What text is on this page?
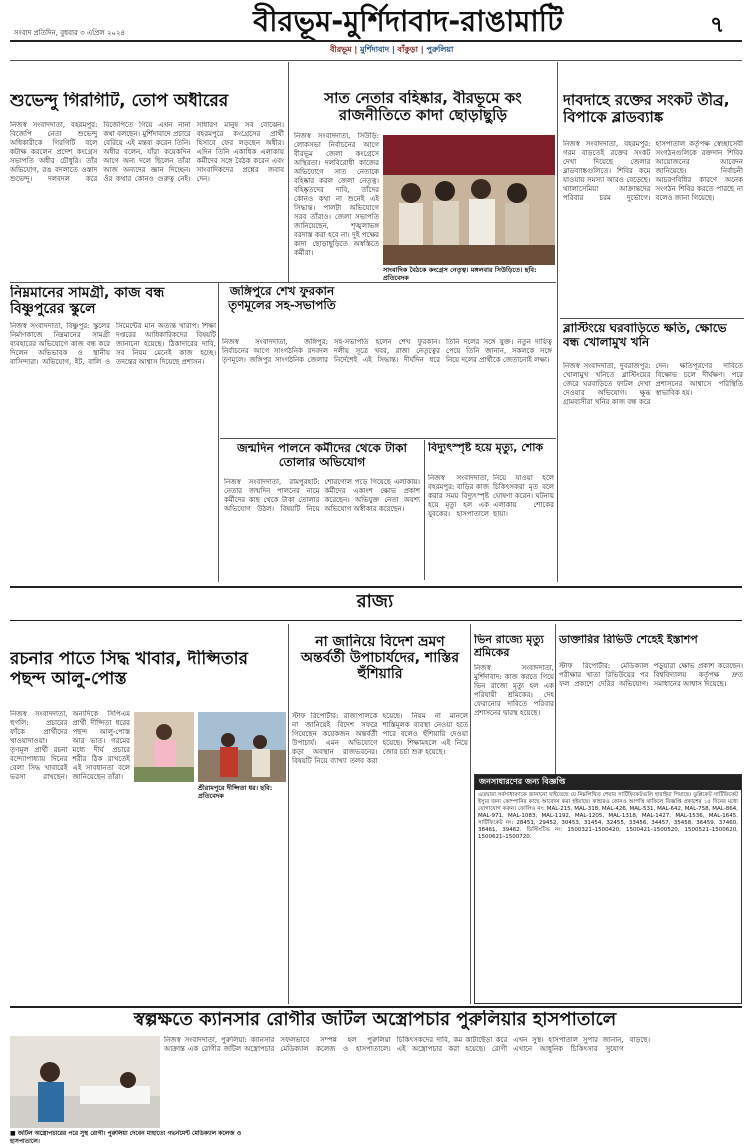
সংবাদ প্রতিদিন, বুধবার ৩ এপ্রিল ২০২৪	বীরভূম-মুর্শিদাবাদ-রাঙামাটি	৭
বীরভূম | মুর্শিদাবাদ | বাঁকুড়া | পুরুলিয়া
শুভেন্দু গিরগিটি, তোপ অধীরের
নিজস্ব সংবাদদাতা, বহরমপুর: বিজেপি নেতা শুভেন্দু অধিকারীকে গিরগিটি বলে কটাক্ষ করলেন প্রদেশ কংগ্রেস সভাপতি অধীর চৌধুরি। তাঁর অভিযোগ, রঙ বদলাতে ওস্তাদ শুভেন্দু। দলবদল করে বিজেপিতে গিয়ে এখন নানা কথা বলছেন। মুর্শিদাবাদে প্রচারে বেরিয়ে এই মন্তব্য করেন তিনি। অধীর বলেন, যাঁরা কয়েকদিন আগে অন্য দলে ছিলেন তাঁরা আজ অন্যদের জ্ঞান দিচ্ছেন। ওঁর কথার কোনও গুরুত্ব নেই। সাধারণ মানুষ সব বোঝেন। বহরমপুরে কংগ্রেসের প্রার্থী হিসাবে ফের লড়ছেন অধীর। এদিন তিনি একাধিক এলাকায় কর্মীদের সঙ্গে বৈঠক করেন এবং সাংবাদিকদের প্রশ্নের জবাব দেন।
সাত নেতার বহিষ্কার, বীরভূমে কং রাজনীতিতে কাদা ছোড়াছুড়ি
নিজস্ব সংবাদদাতা, সিউড়ি: লোকসভা নির্বাচনের আগে বীরভূম জেলা কংগ্রেসে অস্থিরতা। দলবিরোধী কাজের অভিযোগে সাত নেতাকে বহিষ্কার করল জেলা নেতৃত্ব। বহিষ্কৃতদের দাবি, তাঁদের কোনও কথা না শুনেই এই সিদ্ধান্ত। পালটা অভিযোগে সরব তাঁরাও। জেলা সভাপতি জানিয়েছেন, শৃঙ্খলাভঙ্গ বরদাস্ত করা হবে না। দুই পক্ষের কাদা ছোড়াছুড়িতে অস্বস্তিতে কর্মীরা।
সাংবাদিক বৈঠকে কংগ্রেস নেতৃত্ব। মঙ্গলবার সিউড়িতে। ছবি: প্রতিবেদক
দাবদাহে রক্তের সংকট তীব্র, বিপাকে ব্লাডব্যাঙ্ক
নিজস্ব সংবাদদাতা, বহরমপুর: গরম বাড়তেই রক্তের সংকট দেখা দিয়েছে জেলার ব্লাডব্যাঙ্কগুলিতে। শিবির কমে যাওয়ায় সমস্যা আরও বেড়েছে। থ্যালাসেমিয়া আক্রান্তদের পরিবার চরম দুর্ভোগে। হাসপাতাল কর্তৃপক্ষ স্বেচ্ছাসেবী সংগঠনগুলিকে রক্তদান শিবির আয়োজনের আবেদন জানিয়েছে। নির্বাচনী আচরণবিধির কারণে অনেক সংগঠন শিবির করতে পারছে না বলেও জানা গিয়েছে।
নিম্নমানের সামগ্রী, কাজ বন্ধ বিষ্ণুপুরের স্কুলে
নিজস্ব সংবাদদাতা, বিষ্ণুপুর: স্কুলের নির্মাণকাজে নিম্নমানের সামগ্রী ব্যবহারের অভিযোগে কাজ বন্ধ করে দিলেন অভিভাবক ও স্থানীয় বাসিন্দারা। অভিযোগ, ইট, বালি ও সিমেন্টের মান অত্যন্ত খারাপ। শিক্ষা দপ্তরের আধিকারিকদের বিষয়টি জানানো হয়েছে। ঠিকাদারের দাবি, সব নিয়ম মেনেই কাজ হচ্ছে। তদন্তের আশ্বাস দিয়েছে প্রশাসন।
জঙ্গিপুরে শেখ ফুরকান তৃণমূলের সহ-সভাপতি
নিজস্ব সংবাদদাতা, জঙ্গিপুর: নির্বাচনের আগে সাংগঠনিক রদবদল তৃণমূলে। জঙ্গিপুর সাংগঠনিক জেলার সহ-সভাপতি হলেন শেখ ফুরকান। দলীয় সূত্রে খবর, রাজ্য নেতৃত্বের নির্দেশেই এই সিদ্ধান্ত। দীর্ঘদিন ধরে তিনি দলের সঙ্গে যুক্ত। নতুন দায়িত্ব পেয়ে তিনি জানান, সকলকে সঙ্গে নিয়ে দলের প্রার্থীকে জেতানোই লক্ষ্য।
জন্মদিন পালনে কর্মীদের থেকে টাকা তোলার অভিযোগ
নিজস্ব সংবাদদাতা, রামপুরহাট: নেতার জন্মদিন পালনের নামে কর্মীদের কাছ থেকে টাকা তোলার অভিযোগ উঠল। বিষয়টি নিয়ে শোরগোল পড়ে গিয়েছে এলাকায়। কর্মীদের একাংশ ক্ষোভ প্রকাশ করেছেন। অভিযুক্ত নেতা অবশ্য অভিযোগ অস্বীকার করেছেন।
বিদ্যুৎস্পৃষ্ট হয়ে মৃত্যু, শোক
নিজস্ব সংবাদদাতা, বহরমপুর: বাড়ির কাজ করার সময় বিদ্যুৎস্পৃষ্ট হয়ে মৃত্যু হল এক যুবকের। হাসপাতালে নিয়ে যাওয়া হলে চিকিৎসকরা মৃত বলে ঘোষণা করেন। ঘটনায় এলাকায় শোকের ছায়া।
ব্লাস্টিংয়ে ঘরবাড়িতে ক্ষতি, ক্ষোভে বন্ধ খোলামুখ খনি
নিজস্ব সংবাদদাতা, দুবরাজপুর: খোলামুখ খনিতে ব্লাস্টিংয়ের জেরে ঘরবাড়িতে ফাটল দেখা দেওয়ার অভিযোগ। ক্ষুব্ধ গ্রামবাসীরা খনির কাজ বন্ধ করে দেন। ক্ষতিপূরণের দাবিতে বিক্ষোভ চলে দীর্ঘক্ষণ। পরে প্রশাসনের আশ্বাসে পরিস্থিতি স্বাভাবিক হয়।
রাজ্য
রচনার পাতে সিদ্ধ খাবার, দীপ্সিতার পছন্দ আলু-পোস্ত
নিজস্ব সংবাদদাতা, হুগলি: প্রচারের ফাঁকে প্রার্থীদের খাওয়াদাওয়া। তৃণমূল প্রার্থী রচনা বন্দ্যোপাধ্যায় দিনের বেলা সিদ্ধ খাবারেই ভরসা রাখছেন। অন্যদিকে সিপিএম প্রার্থী দীপ্সিতা ধরের পছন্দ আলু-পোস্ত আর ভাত। গরমের মধ্যে দীর্ঘ প্রচারে শরীর ঠিক রাখতেই এই সাবধানতা বলে জানিয়েছেন তাঁরা।
শ্রীরামপুরে দীপ্সিতা ধর। ছবি: প্রতিবেদক
না জানিয়ে বিদেশ ভ্রমণ অন্তর্বর্তী উপাচার্যদের, শাস্তির হুঁশিয়ারি
স্টাফ রিপোর্টার: রাজ্যপালকে না জানিয়েই বিদেশ সফরে গিয়েছেন কয়েকজন অন্তর্বর্তী উপাচার্য। এমন অভিযোগে কড়া অবস্থান রাজভবনের। বিষয়টি নিয়ে ব্যাখ্যা তলব করা হয়েছে। নিয়ম না মানলে শাস্তিমূলক ব্যবস্থা নেওয়া হতে পারে বলেও হুঁশিয়ারি দেওয়া হয়েছে। শিক্ষামহলে এই নিয়ে জোর চর্চা শুরু হয়েছে।
ভিন রাজ্যে মৃত্যু শ্রমিকের
নিজস্ব সংবাদদাতা, মুর্শিদাবাদ: কাজ করতে গিয়ে ভিন রাজ্যে মৃত্যু হল এক পরিযায়ী শ্রমিকের। দেহ ফেরানোর দাবিতে পরিবার প্রশাসনের দ্বারস্থ হয়েছে।
ডাক্তারির রিভিউ শেহেই ইস্তাশপ
স্টাফ রিপোর্টার: মেডিক্যাল পরীক্ষার খাতা রিভিউয়ের পর ফল প্রকাশে দেরির অভিযোগ। পড়ুয়ারা ক্ষোভ প্রকাশ করেছেন। বিশ্ববিদ্যালয় কর্তৃপক্ষ দ্রুত সমাধানের আশ্বাস দিয়েছে।
জনসাধারণের জন্য বিজ্ঞপ্তি
এতদ্বারা সর্বসাধারণকে জানানো যাইতেছে যে নিম্নলিখিত শেয়ার সার্টিফিকেটগুলি হারাইয়া গিয়াছে। ডুপ্লিকেট সার্টিফিকেট ইস্যুর জন্য কোম্পানির কাছে আবেদন করা হইয়াছে। কাহারও কোনও আপত্তি থাকিলে বিজ্ঞপ্তি প্রকাশের ১৫ দিনের মধ্যে যোগাযোগ করুন। ফোলিও নং: MAL-215, MAL-318, MAL-426, MAL-531, MAL-642, MAL-758, MAL-864, MAL-971, MAL-1083, MAL-1192, MAL-1205, MAL-1318, MAL-1427, MAL-1536, MAL-1645. সার্টিফিকেট নং: 28451, 29452, 30453, 31454, 32455, 33456, 34457, 35458, 36459, 37460, 38461, 39462. ডিস্টিংটিভ নং: 1500321–1500420, 1500421–1500520, 1500521–1500620, 1500621–1500720.
স্বল্পক্ষতে ক্যানসার রোগীর জটিল অস্ত্রোপচার পুরুলিয়ার হাসপাতালে
■ জটিল অস্ত্রোপচারের পরে সুস্থ রোগী। পুরুলিয়া দেবেন মাহাতো গভর্নমেন্ট মেডিক্যাল কলেজ ও হাসপাতালে।
নিজস্ব সংবাদদাতা, পুরুলিয়া: ক্যানসার আক্রান্ত এক রোগীর জটিল অস্ত্রোপচার সফলভাবে সম্পন্ন হল পুরুলিয়া মেডিক্যাল কলেজ ও হাসপাতালে। চিকিৎসকদের দাবি, কম কাটাছেঁড়া করে এই অস্ত্রোপচার করা হয়েছে। রোগী এখন সুস্থ। হাসপাতাল সুপার জানান, এখানে আধুনিক চিকিৎসার সুযোগ বাড়ছে।
